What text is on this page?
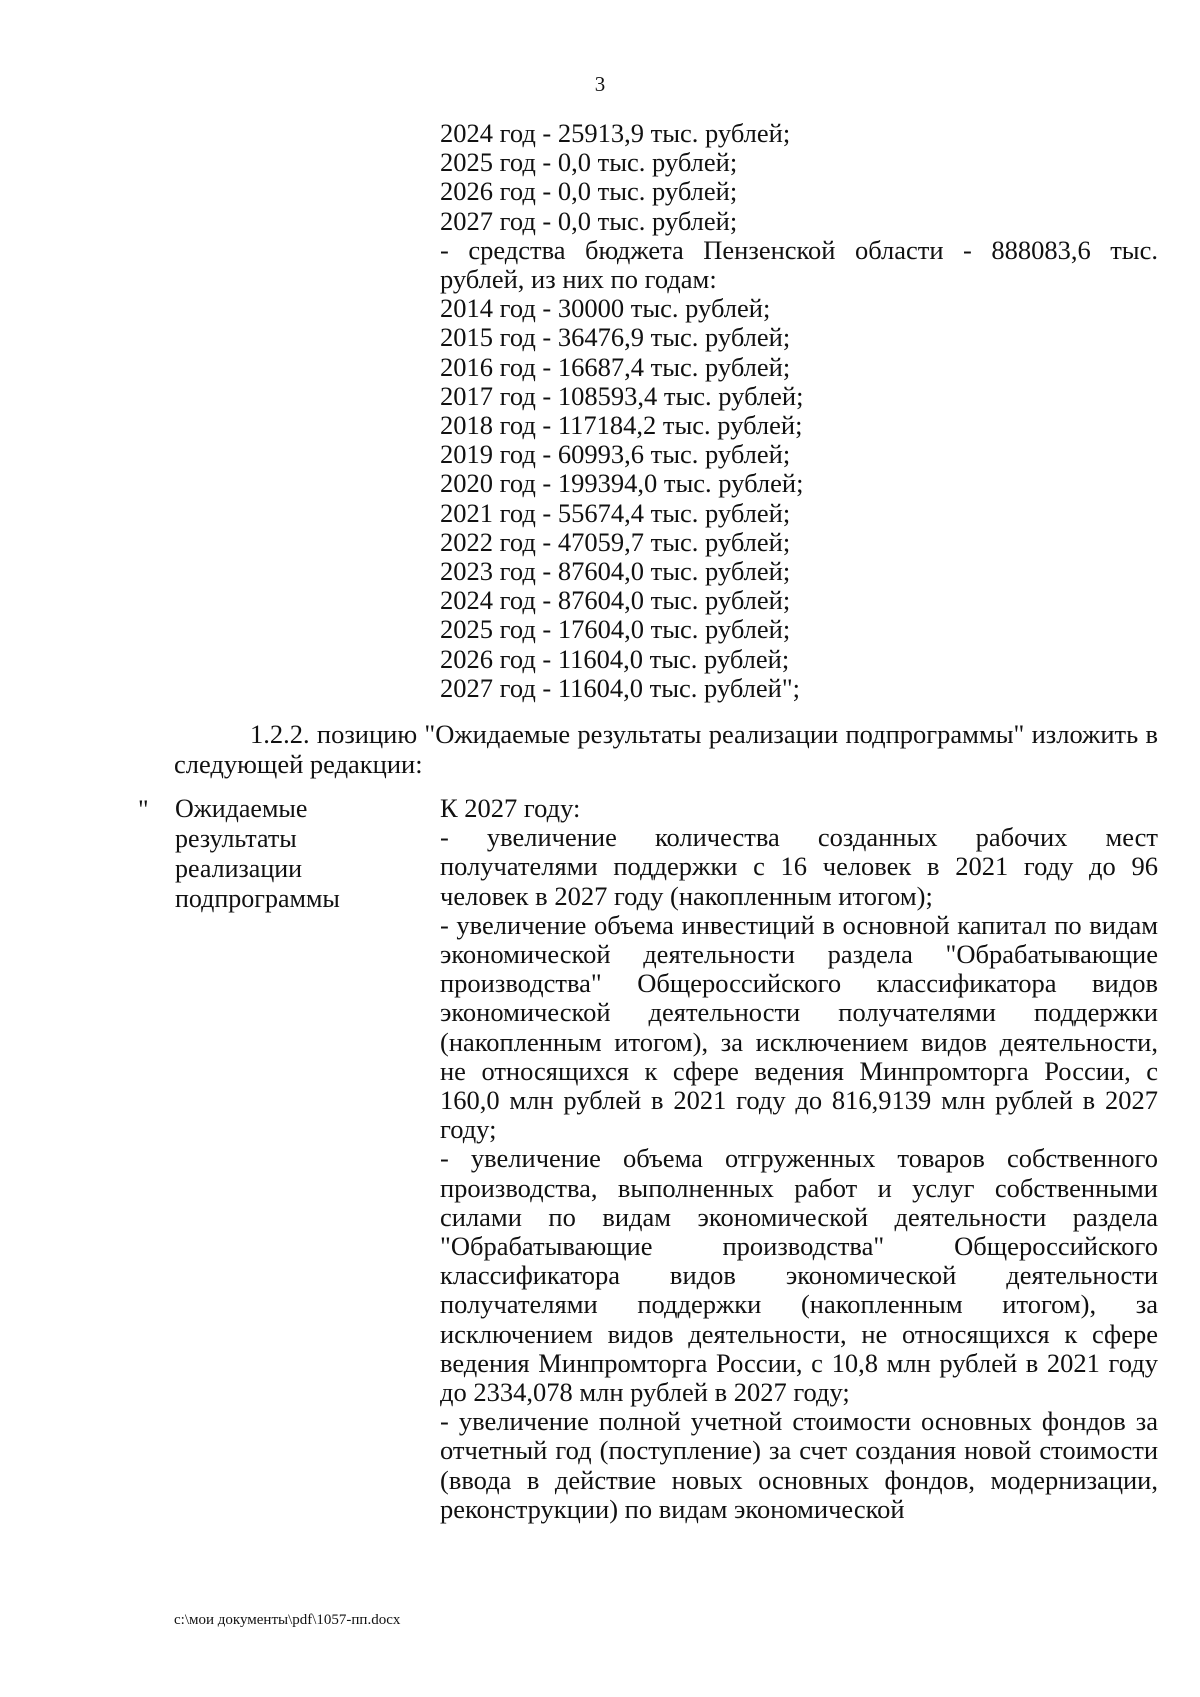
3
2024 год - 25913,9 тыс. рублей;
2025 год - 0,0 тыс. рублей;
2026 год - 0,0 тыс. рублей;
2027 год - 0,0 тыс. рублей;
- средства бюджета Пензенской области - 888083,6 тыс. рублей, из них по годам:
2014 год - 30000 тыс. рублей;
2015 год - 36476,9 тыс. рублей;
2016 год - 16687,4 тыс. рублей;
2017 год - 108593,4 тыс. рублей;
2018 год - 117184,2 тыс. рублей;
2019 год - 60993,6 тыс. рублей;
2020 год - 199394,0 тыс. рублей;
2021 год - 55674,4 тыс. рублей;
2022 год - 47059,7 тыс. рублей;
2023 год - 87604,0 тыс. рублей;
2024 год - 87604,0 тыс. рублей;
2025 год - 17604,0 тыс. рублей;
2026 год - 11604,0 тыс. рублей;
2027 год - 11604,0 тыс. рублей";
1.2.2. позицию "Ожидаемые результаты реализации подпрограммы" изложить в следующей редакции:
" Ожидаемые
результаты
реализации
подпрограммы

К 2027 году:

- увеличение количества созданных рабочих мест получателями поддержки с 16 человек в 2021 году до 96 человек в 2027 году (накопленным итогом);

- увеличение объема инвестиций в основной капитал по видам экономической деятельности раздела "Обрабатывающие производства" Общероссийского классификатора видов экономической деятельности получателями поддержки (накопленным итогом), за исключением видов деятельности, не относящихся к сфере ведения Минпромторга России, с 160,0 млн рублей в 2021 году до 816,9139 млн рублей в 2027 году;

- увеличение объема отгруженных товаров собственного производства, выполненных работ и услуг собственными силами по видам экономической деятельности раздела "Обрабатывающие производства" Общероссийского классификатора видов экономической деятельности получателями поддержки (накопленным итогом), за исключением видов деятельности, не относящихся к сфере ведения Минпромторга России, с 10,8 млн рублей в 2021 году до 2334,078 млн рублей в 2027 году;

- увеличение полной учетной стоимости основных фондов за отчетный год (поступление) за счет создания новой стоимости (ввода в действие новых основных фондов, модернизации, реконструкции) по видам экономической

c:\мои документы\pdf\1057-пп.docx
